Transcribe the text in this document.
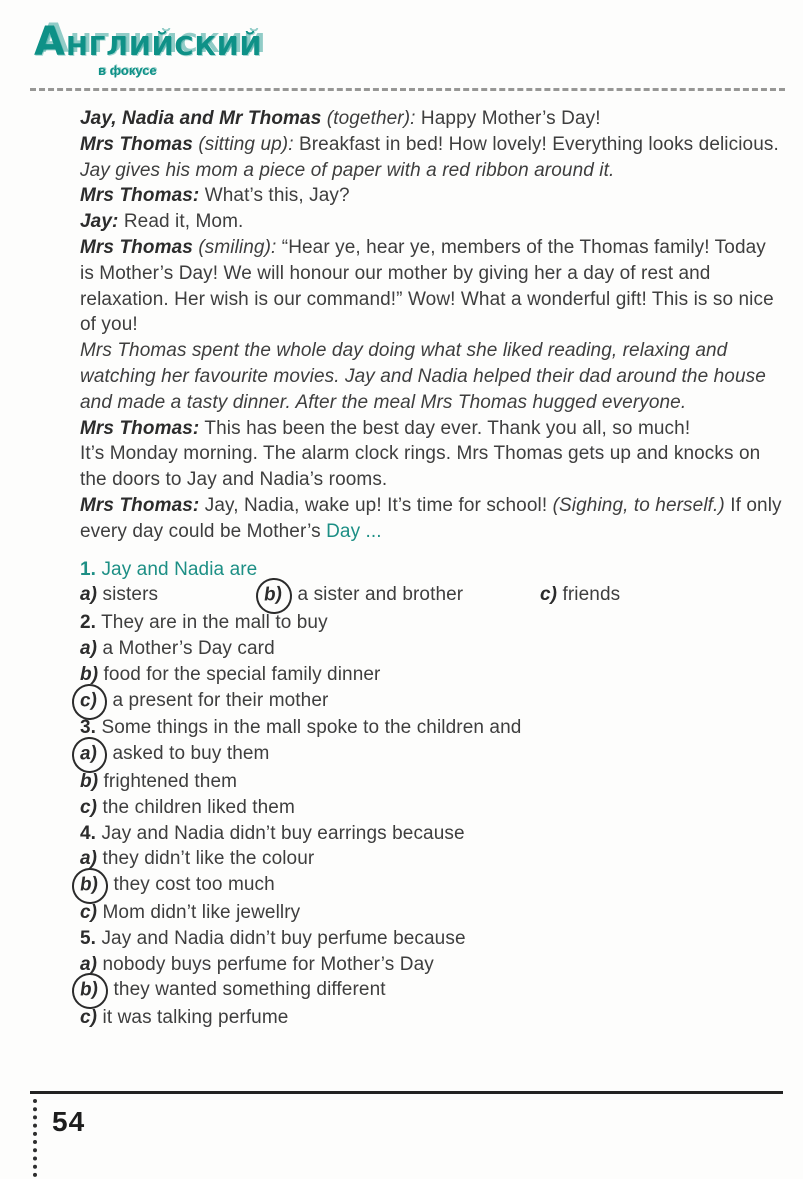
АНГЛИЙСКИЙ
в фокусе

Jay, Nadia and Mr Thomas (together): Happy Mother’s Day!

Mrs Thomas (sitting up): Breakfast in bed! How lovely! Everything looks delicious.

Jay gives his mom a piece of paper with a red ribbon around it.

Mrs Thomas: What’s this, Jay?

Jay: Read it, Mom.

Mrs Thomas (smiling): “Hear ye, hear ye, members of the Thomas family! Today is Mother’s Day! We will honour our mother by giving her a day of rest and relaxation. Her wish is our command!” Wow! What a wonderful gift! This is so nice of you!

Mrs Thomas spent the whole day doing what she liked reading, relaxing and watching her favourite movies. Jay and Nadia helped their dad around the house and made a tasty dinner. After the meal Mrs Thomas hugged everyone.

Mrs Thomas: This has been the best day ever. Thank you all, so much!

It’s Monday morning. The alarm clock rings. Mrs Thomas gets up and knocks on the doors to Jay and Nadia’s rooms.

Mrs Thomas: Jay, Nadia, wake up! It’s time for school! (Sighing, to herself.) If only every day could be Mother’s Day ...

1. Jay and Nadia are

a) sisters	b) a sister and brother	c) friends

2. They are in the mall to buy

a) a Mother’s Day card

b) food for the special family dinner

c) a present for their mother

3. Some things in the mall spoke to the children and

a) asked to buy them

b) frightened them

c) the children liked them

4. Jay and Nadia didn’t buy earrings because

a) they didn’t like the colour

b) they cost too much

c) Mom didn’t like jewellry

5. Jay and Nadia didn’t buy perfume because

a) nobody buys perfume for Mother’s Day

b) they wanted something different

c) it was talking perfume

54
